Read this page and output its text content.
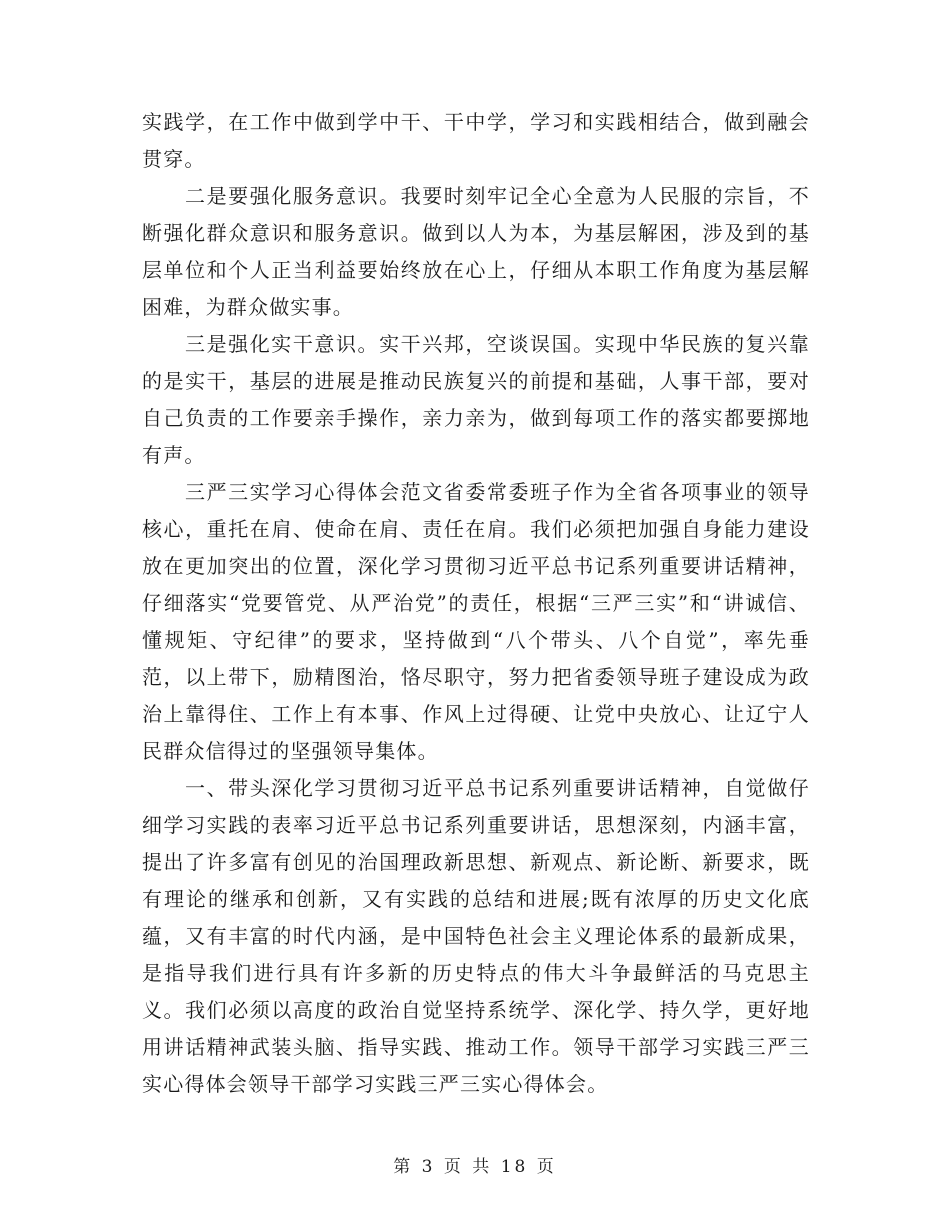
实践学，在工作中做到学中干、干中学，学习和实践相结合，做到融会贯穿。

二是要强化服务意识。我要时刻牢记全心全意为人民服的宗旨，不断强化群众意识和服务意识。做到以人为本，为基层解困，涉及到的基层单位和个人正当利益要始终放在心上，仔细从本职工作角度为基层解困难，为群众做实事。

三是强化实干意识。实干兴邦，空谈误国。实现中华民族的复兴靠的是实干，基层的进展是推动民族复兴的前提和基础，人事干部，要对自己负责的工作要亲手操作，亲力亲为，做到每项工作的落实都要掷地有声。

三严三实学习心得体会范文省委常委班子作为全省各项事业的领导核心，重托在肩、使命在肩、责任在肩。我们必须把加强自身能力建设放在更加突出的位置，深化学习贯彻习近平总书记系列重要讲话精神，仔细落实“党要管党、从严治党”的责任，根据“三严三实”和“讲诚信、懂规矩、守纪律”的要求，坚持做到“八个带头、八个自觉”，率先垂范，以上带下，励精图治，恪尽职守，努力把省委领导班子建设成为政治上靠得住、工作上有本事、作风上过得硬、让党中央放心、让辽宁人民群众信得过的坚强领导集体。

一、带头深化学习贯彻习近平总书记系列重要讲话精神，自觉做仔细学习实践的表率习近平总书记系列重要讲话，思想深刻，内涵丰富，提出了许多富有创见的治国理政新思想、新观点、新论断、新要求，既有理论的继承和创新，又有实践的总结和进展;既有浓厚的历史文化底蕴，又有丰富的时代内涵，是中国特色社会主义理论体系的最新成果，是指导我们进行具有许多新的历史特点的伟大斗争最鲜活的马克思主义。我们必须以高度的政治自觉坚持系统学、深化学、持久学，更好地用讲话精神武装头脑、指导实践、推动工作。领导干部学习实践三严三实心得体会领导干部学习实践三严三实心得体会。

第 3 页 共 18 页
